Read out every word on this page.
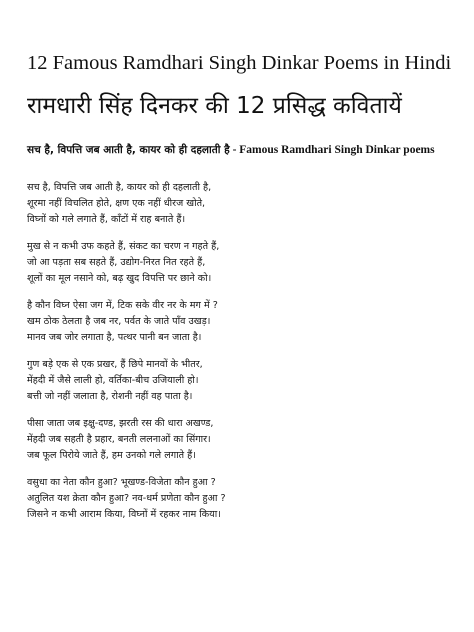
12 Famous Ramdhari Singh Dinkar Poems in Hindi
रामधारी सिंह दिनकर की 12 प्रसिद्ध कवितायें
सच है, विपत्ति जब आती है, कायर को ही दहलाती है - Famous Ramdhari Singh Dinkar poems
सच है, विपत्ति जब आती है, कायर को ही दहलाती है,
शूरमा नहीं विचलित होते, क्षण एक नहीं धीरज खोते,
विघ्नों को गले लगाते हैं, काँटों में राह बनाते हैं।
मुख से न कभी उफ कहते हैं, संकट का चरण न गहते हैं,
जो आ पड़ता सब सहते हैं, उद्योग-निरत नित रहते हैं,
शूलों का मूल नसाने को, बढ़ खुद विपत्ति पर छाने को।
है कौन विघ्न ऐसा जग में, टिक सके वीर नर के मग में ?
खम ठोक ठेलता है जब नर, पर्वत के जाते पाँव उखड़।
मानव जब जोर लगाता है, पत्थर पानी बन जाता है।
गुण बड़े एक से एक प्रखर, हैं छिपे मानवों के भीतर,
मेंहदी में जैसे लाली हो, वर्तिका-बीच उजियाली हो।
बत्ती जो नहीं जलाता है, रोशनी नहीं वह पाता है।
पीसा जाता जब इक्षु-दण्ड, झरती रस की धारा अखण्ड,
मेंहदी जब सहती है प्रहार, बनती ललनाओं का सिंगार।
जब फूल पिरोये जाते हैं, हम उनको गले लगाते हैं।
वसुधा का नेता कौन हुआ? भूखण्ड-विजेता कौन हुआ ?
अतुलित यश क्रेता कौन हुआ? नव-धर्म प्रणेता कौन हुआ ?
जिसने न कभी आराम किया, विघ्नों में रहकर नाम किया।
